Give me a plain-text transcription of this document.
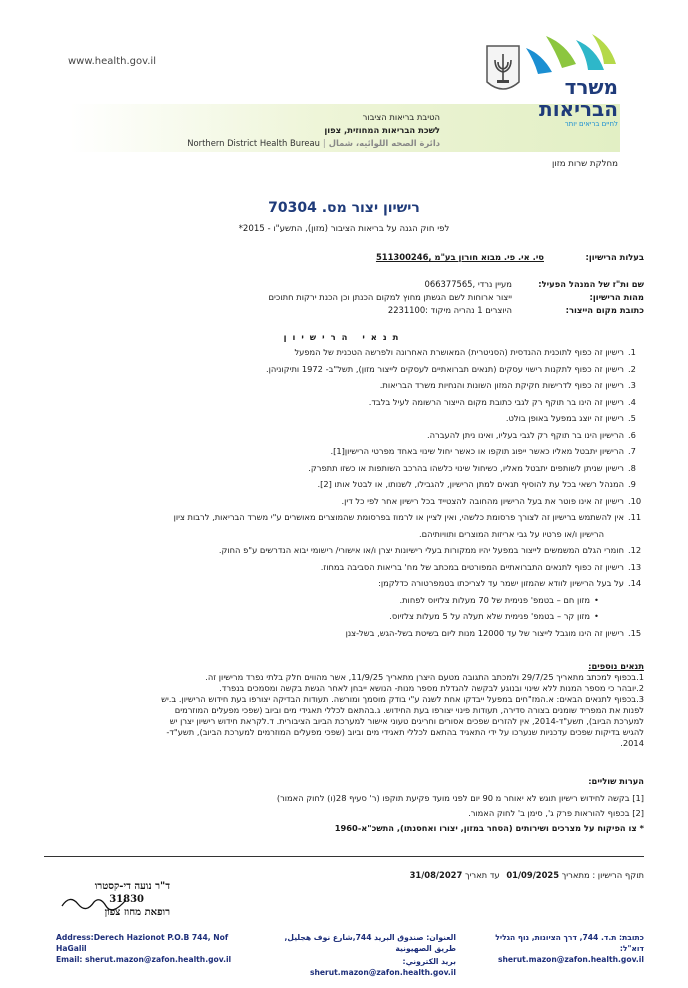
www.health.gov.il
משרד
הבריאות
לחיים בריאים יותר
הטיבת בריאות הציבור
לשכת הבריאות המחוזית, צפון
دائرة الصحه اللوائيه، شمال|Northern District Health Bureau
מחלקת שרות מזון
רישיון יצור מס. 70304
לפי חוק הגנה על בריאות הציבור (מזון), התשע"ו - 2015*
בעלות הרישיון:
סי. אי. פי. מבוא חורון בע"מ ,511300246
שם ות"ז של המנהל הפעיל:
מעיין נרדי ,066377565
מהות הרישיון:
ייצור ארוחות לשם הגשתן מחוץ למקום הכנתן וכן הכנת ירקות חתוכים
כתובת מקום הייצור:
היוצרים 1 נהריה מיקוד :2231100
תנאי הרישיון
1.רישיון זה כפוף לתוכנית ההנדסית (הסניטרית) המאושרת האחרונה ולפרשה הטכנית של המפעל
2.רישיון זה כפוף לתקנות רישוי עסקים (תנאים תברואתיים לעסקים לייצור מזון), תשל"ב- 1972 ותיקוניהן.
3.רישיון זה כפוף לדרישות חקיקת המזון השונות והנחיות משרד הבריאות.
4.רישיון זה הינו בר תוקף רק לגבי כתובת מקום הייצור הרשומה לעיל בלבד.
5.רישיון זה יוצג במפעל באופן בולט.
6.הרישיון הינו בר תוקף רק לגבי בעליו, ואינו ניתן להעברה.
7.הרישיון יתבטל מאליו כאשר ייפוג תוקפו או כאשר יחול שינוי באחד מפרטי הרישיון[1].
8.רישיון שניתן לשותפים יתבטל מאליו, כשיחול שינוי כלשהו בהרכב השותפות או כשזו תתפרק.
9.המנהל רשאי בכל עת להוסיף תנאים למתן הרישיון, להגבילו, לשנותו, או לבטל אותו [2].
10.רישיון זה אינו פוטר את בעל הרישיון מהחובה להצטייד בכל רישיון אחר לפי כל דין.
11.אין להשתמש ברישיון זה לצורך פרסומת כלשהי, ואין לציין או לרמוז בפרסומת שהמוצרים מאושרים ע"י משרד הבריאות, לרבות ציון
הרישיון ו/או פרטיו על גבי אריזות המוצרים ותוויותיהם.
12.חומרי הגלם המשמשים לייצור במפעל יהיו ממקורות בעלי רישיונות יצרן ו/או אישורי/ רישומי יבוא הנדרשים ע"פ החוק.
13.רישיון זה כפוף לתנאים התברואתיים המפורטים במכתב של מח' בריאות הסביבה במחוז.
14.על בעל הרישיון לוודא שהמזון ישמר עד לצריכתו בטמפרטורה כדלקמן:
•מזון חם – בטמפ' פנימית של 70 מעלות צלזיוס לפחות.
•מזון קר – בטמפ' פנימית שלא תעלה על 5 מעלות צלזיוס.
15.רישיון זה הינו מוגבל לייצור של עד 12000 מנות ליום בשיטת בשל-הגש, בשל-צנן
תנאים נוספים:
1.בכפוף למכתב מתאריך 29/7/25 ולמכתב התגובה מטעם היצרן מתאריך 11/9/25, אשר מהווים חלק בלתי נפרד מרישיון זה.
2.יובהר כי מספר המנות ללא שינוי ובנוגע לבקשה להגדלת מספר מנות- הנושא ייבחן לאחר הגשת בקשה ומסמכים בנפרד.
3.בכפוף לתנאים הבאים: א.המז"חים במפעל ייבדקו אחת לשנה ע"י בודק מוסמך ומורשה. תעודות הבדיקה יצורפו בעת חידוש הרישיון. ב.יש
לפנות את המפריד שומנים בצורה סדירה, תעודות פינוי יצורפו בעת החידוש. ג.בהתאם לכללי תאגידי מים וביוב (שפכי מפעלים המוזרמים
למערכת הביוב), תשע"ד-2014, אין להזרים שפכים אסורים וחריגים טעוני אישור למערכת הביוב הציבורית. ד.לקראת חידוש רישיון יצרן יש
להגיש בדיקות שפכים עדכניות שנערכו על ידי התאגיד בהתאם לכללי תאגידי מים וביוב (שפכי מפעלים המוזרמים למערכת הביוב), תשע"ד-
2014.
הערות שוליים:
[1] בקשה לחידוש רישיון תוגש לא יאוחר מ 90 יום לפני מועד פקיעת תוקפו (ר' סעיף 28(ו) לחוק האמור)
[2] בכפוף להוראות פרק ג', סימן ב' לחוק האמור.
* צו הפיקוח על מצרכים ושירותים (הסחר במזון, יצורו ואחסנתו), התשכ"א-1960
תוקף הרישיון : מתאריך 01/09/2025 עד תאריך 31/08/2027
ד"ר נועה די-קסטרו
31830
רופאת מחוז צפון
כתובת: ת.ד. 744, דרך הציונות, נוף הגליל
דוא"ל:
sherut.mazon@zafon.health.gov.il
العنوان: صندوق البريد 744,شارع نوف هجليل, طريق الصهيونية
بريد الكتروني: sherut.mazon@zafon.health.gov.il
Address:Derech Hazionot P.O.B 744, Nof HaGalil
Email: sherut.mazon@zafon.health.gov.il
